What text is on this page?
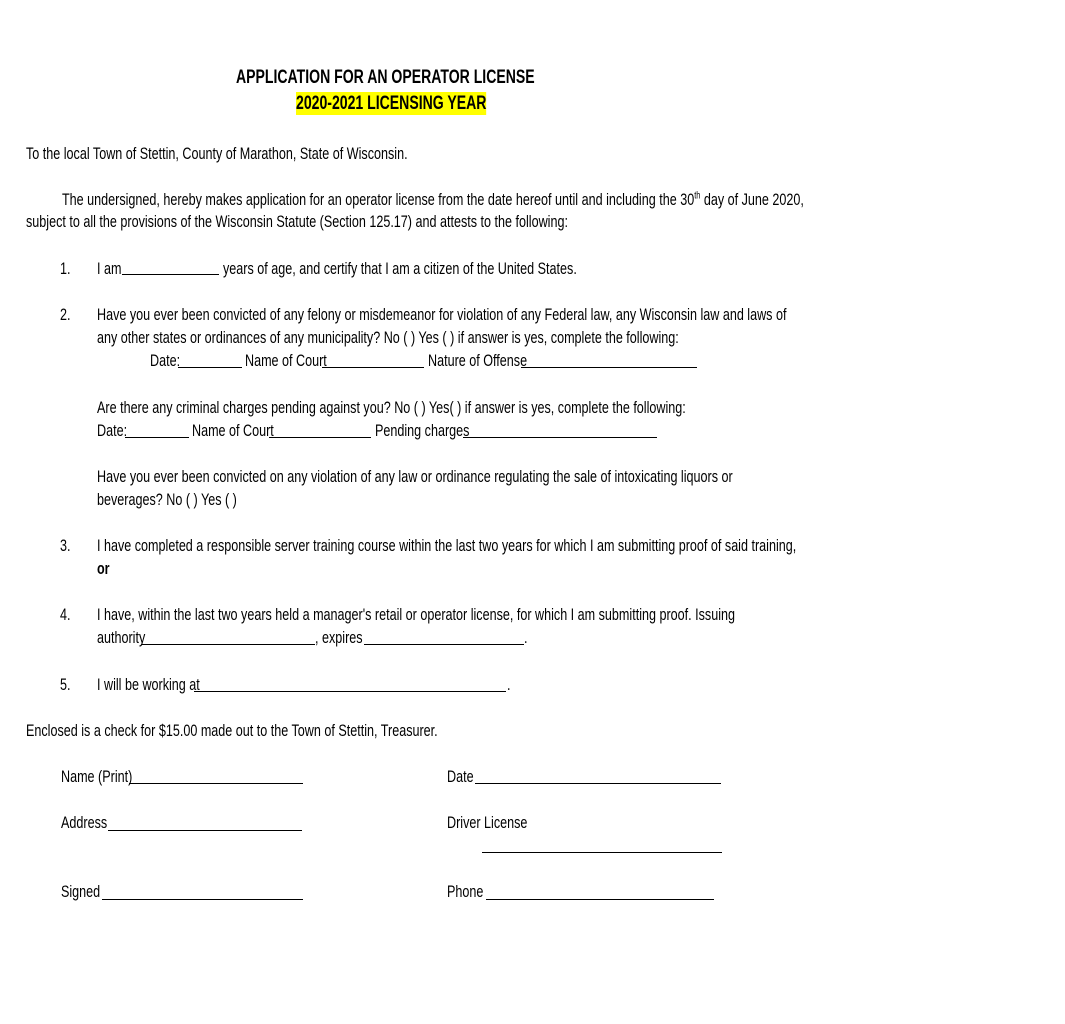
APPLICATION FOR AN OPERATOR LICENSE
2020-2021 LICENSING YEAR
To the local Town of Stettin, County of Marathon, State of Wisconsin.
The undersigned, hereby makes application for an operator license from the date hereof until and including the 30th day of June 2020,
subject to all the provisions of the Wisconsin Statute (Section 125.17) and attests to the following:
1. I am	years of age, and certify that I am a citizen of the United States.
2. Have you ever been convicted of any felony or misdemeanor for violation of any Federal law, any Wisconsin law and laws of
any other states or ordinances of any municipality? No ( ) Yes ( ) if answer is yes, complete the following:
Date:	Name of Court	Nature of Offense
Are there any criminal charges pending against you? No ( ) Yes( ) if answer is yes, complete the following:
Date:	Name of Court	Pending charges
Have you ever been convicted on any violation of any law or ordinance regulating the sale of intoxicating liquors or
beverages? No ( ) Yes ( )
3. I have completed a responsible server training course within the last two years for which I am submitting proof of said training,
or
4. I have, within the last two years held a manager's retail or operator license, for which I am submitting proof. Issuing
authority	, expires	.
5. I will be working at	.
Enclosed is a check for $15.00 made out to the Town of Stettin, Treasurer.
Name (Print)	Date
Address	Driver License
Signed	Phone
